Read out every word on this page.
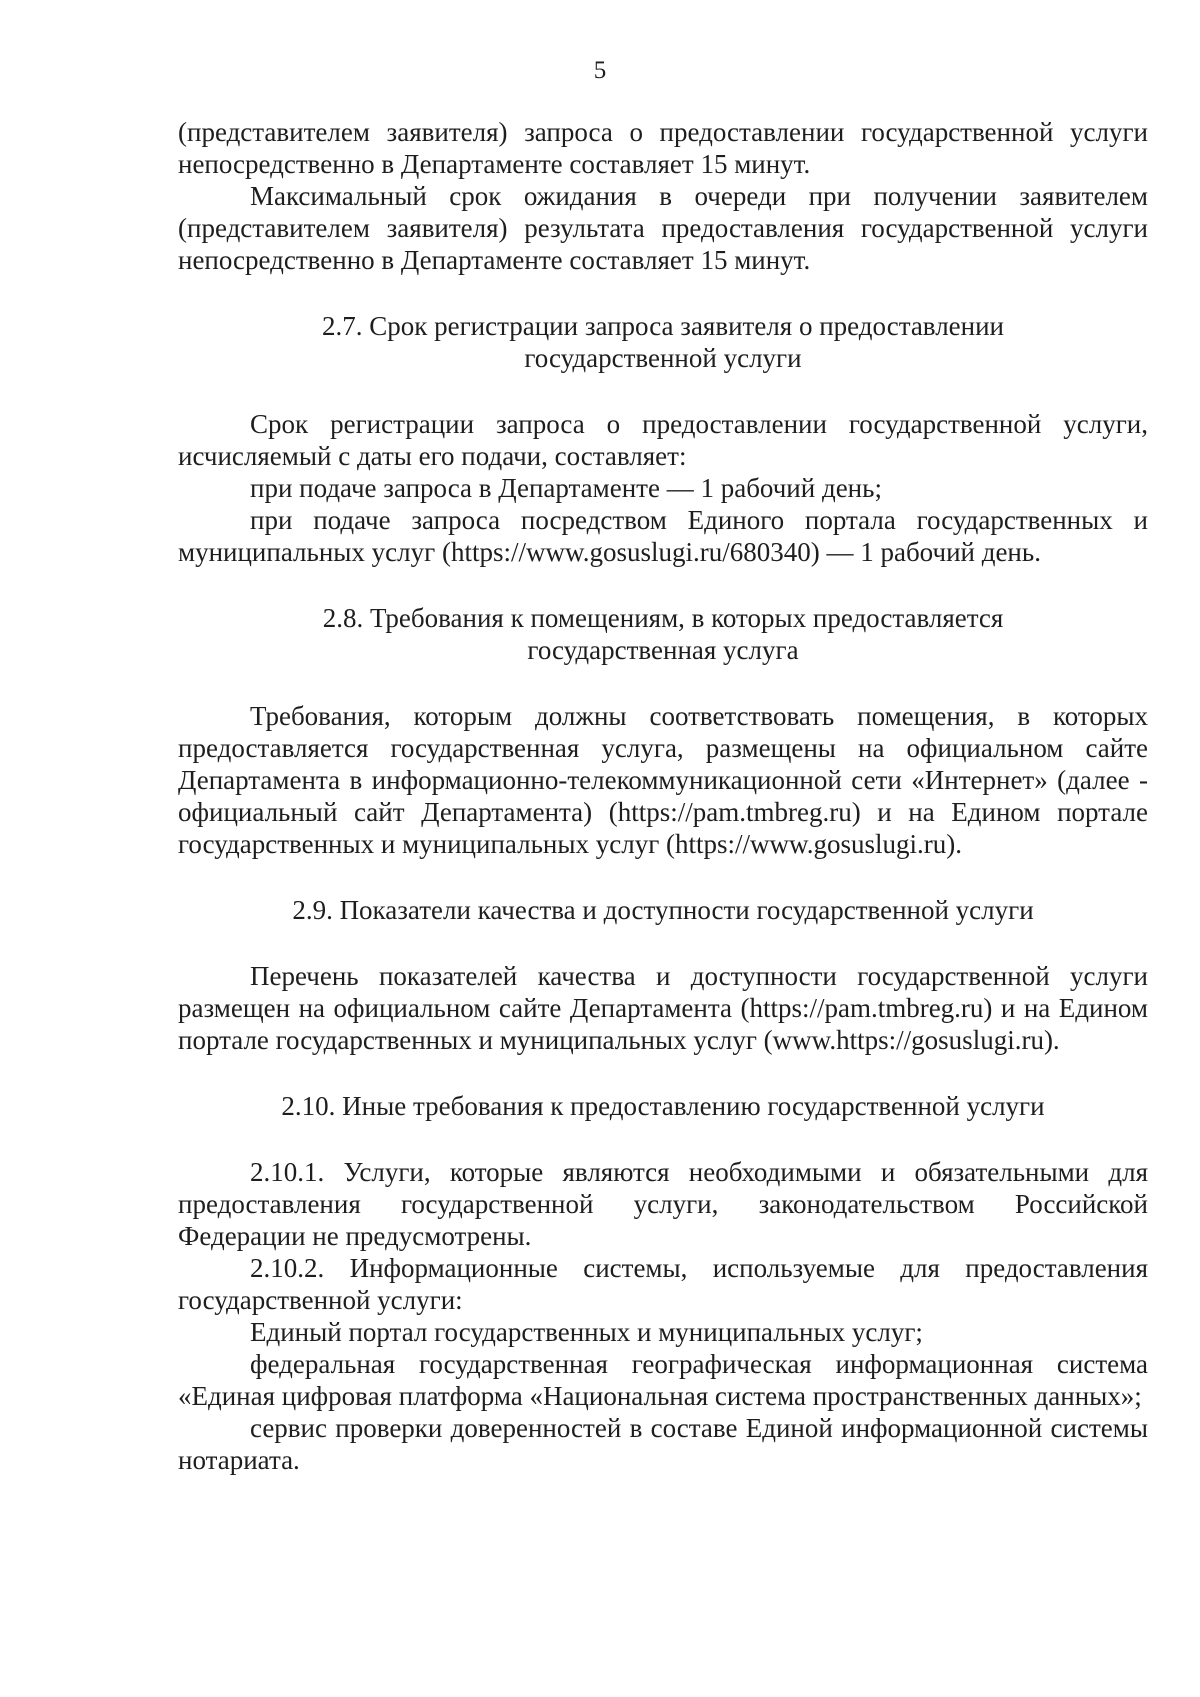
5

(представителем заявителя) запроса о предоставлении государственной услуги непосредственно в Департаменте составляет 15 минут.

Максимальный срок ожидания в очереди при получении заявителем (представителем заявителя) результата предоставления государственной услуги непосредственно в Департаменте составляет 15 минут.

2.7. Срок регистрации запроса заявителя о предоставлении
государственной услуги

Срок регистрации запроса о предоставлении государственной услуги, исчисляемый с даты его подачи, составляет:

при подаче запроса в Департаменте — 1 рабочий день;

при подаче запроса посредством Единого портала государственных и муниципальных услуг (https://www.gosuslugi.ru/680340) — 1 рабочий день.

2.8. Требования к помещениям, в которых предоставляется
государственная услуга

Требования, которым должны соответствовать помещения, в которых предоставляется государственная услуга, размещены на официальном сайте Департамента в информационно-телекоммуникационной сети «Интернет» (далее - официальный сайт Департамента) (https://pam.tmbreg.ru) и на Едином портале государственных и муниципальных услуг (https://www.gosuslugi.ru).

2.9. Показатели качества и доступности государственной услуги

Перечень показателей качества и доступности государственной услуги размещен на официальном сайте Департамента (https://pam.tmbreg.ru) и на Едином портале государственных и муниципальных услуг (www.https://gosuslugi.ru).

2.10. Иные требования к предоставлению государственной услуги

2.10.1. Услуги, которые являются необходимыми и обязательными для предоставления государственной услуги, законодательством Российской Федерации не предусмотрены.

2.10.2. Информационные системы, используемые для предоставления государственной услуги:

Единый портал государственных и муниципальных услуг;

федеральная государственная географическая информационная система «Единая цифровая платформа «Национальная система пространственных данных»;

сервис проверки доверенностей в составе Единой информационной системы нотариата.
